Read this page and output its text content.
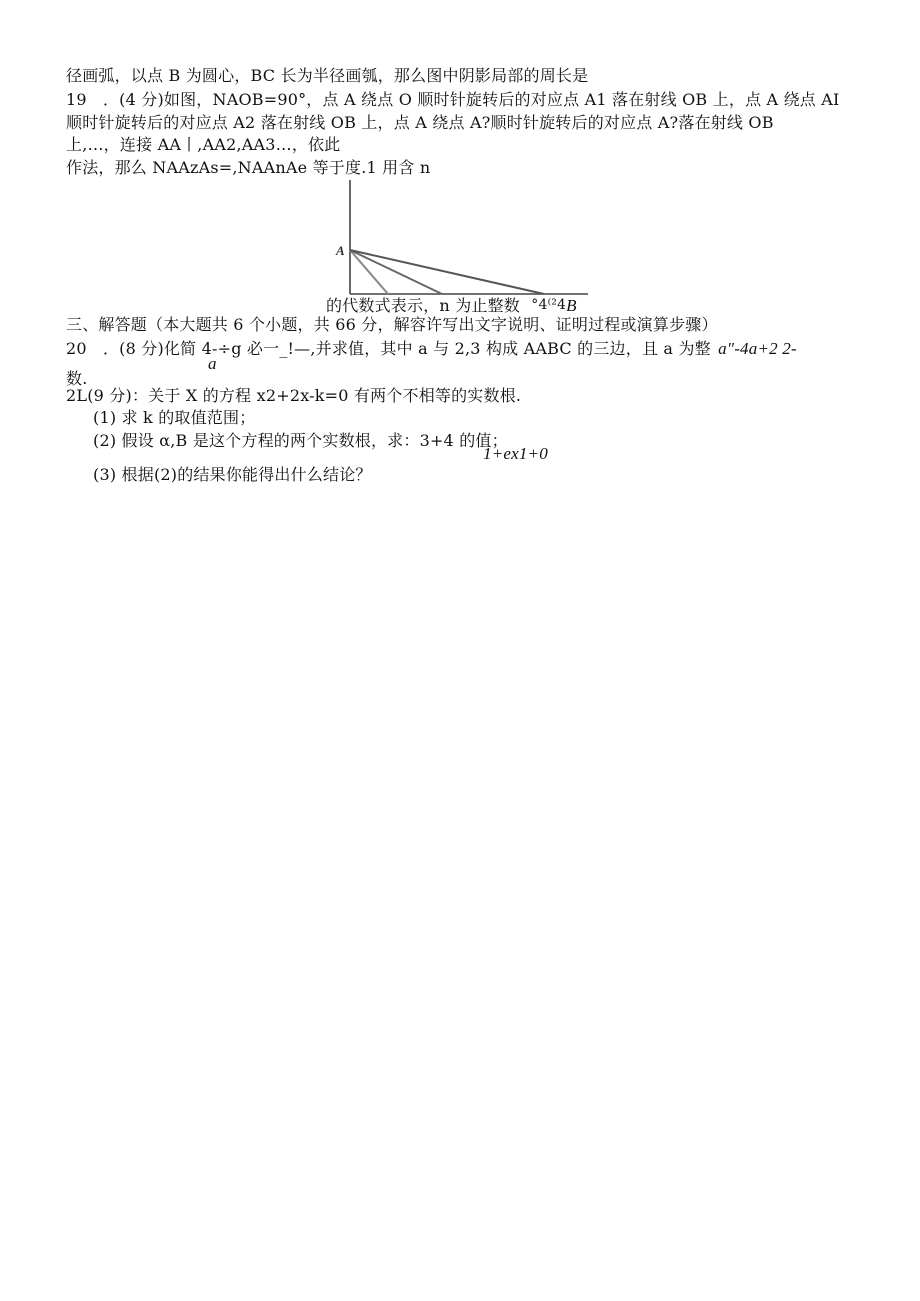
径画弧，以点 B 为圆心，BC 长为半径画瓠，那么图中阴影局部的周长是
19　．(4 分)如图，NAOB=90°，点 A 绕点 O 顺时针旋转后的对应点 A1 落在射线 OB 上，点 A 绕点 AI
顺时针旋转后的对应点 A2 落在射线 OB 上，点 A 绕点 A?顺时针旋转后的对应点 A?落在射线 OB
上,…，连接 AA丨,AA2,AA3…，依此
作法，那么 NAAzAs=,NAAnAe 等于度.1 用含 n
A
的代数式表示，n 为止整数 °4⁽²4B
三、解答题（本大题共 6 个小题，共 66 分，解容许写出文字说明、证明过程或演算步骤）
20　．(8 分)化简 4-÷g 必一_!—,并求值，其中 a 与 2,3 构成 AABC 的三边，且 a 为整 a"-4a+2 2-
a
数.
2L(9 分)：关于 X 的方程 x2+2x-k=0 有两个不相等的实数根.
(1) 求 k 的取值范围；
(2) 假设 α,B 是这个方程的两个实数根，求：3+4 的值；
1+ex1+0
(3) 根据(2)的结果你能得出什么结论？
